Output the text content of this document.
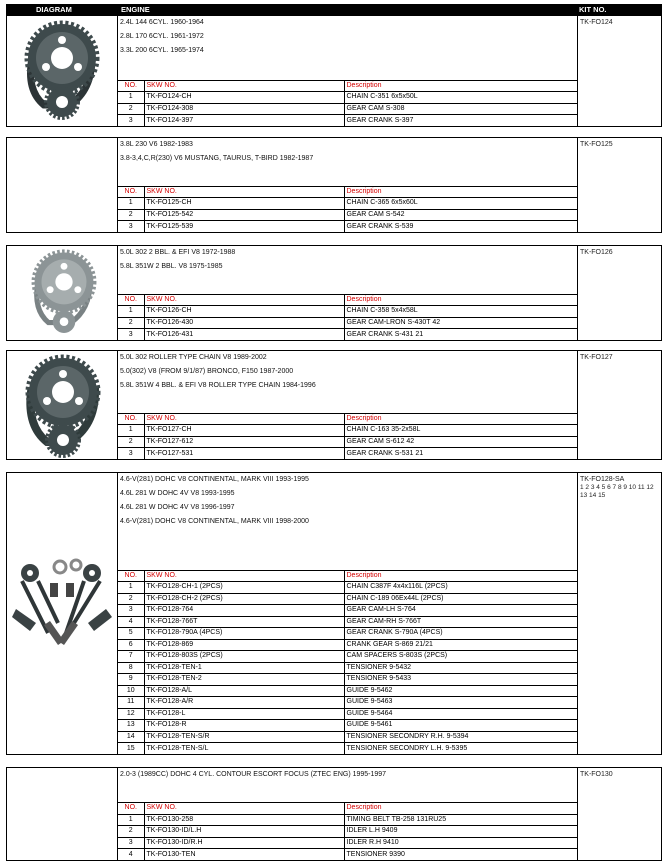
DIAGRAM	ENGINE	KIT NO.
2.4L 144 6CYL. 1960-1964
2.8L 170 6CYL. 1961-1972
3.3L 200 6CYL. 1965-1974
NO.	SKW NO.	Description
1	TK-FO124-CH	CHAIN C-351 6x5x50L
2	TK-FO124-308	GEAR CAM S-308
3	TK-FO124-397	GEAR CRANK S-397
TK-FO124
3.8L 230 V6 1982-1983
3.8-3,4,C,R(230) V6 MUSTANG, TAURUS, T-BIRD 1982-1987
NO.	SKW NO.	Description
1	TK-FO125-CH	CHAIN C-365 6x5x60L
2	TK-FO125-542	GEAR CAM S-542
3	TK-FO125-539	GEAR CRANK S-539
TK-FO125
5.0L 302 2 BBL. & EFI V8 1972-1988
5.8L 351W 2 BBL. V8 1975-1985
NO.	SKW NO.	Description
1	TK-FO126-CH	CHAIN C-358 5x4x58L
2	TK-FO126-430	GEAR CAM-LRON S-430T 42
3	TK-FO126-431	GEAR CRANK S-431 21
TK-FO126
5.0L 302 ROLLER TYPE CHAIN V8 1989-2002
5.0(302) V8 (FROM 9/1/87) BRONCO, F150 1987-2000
5.8L 351W 4 BBL. & EFI V8 ROLLER TYPE CHAIN 1984-1996
NO.	SKW NO.	Description
1	TK-FO127-CH	CHAIN C-163 35-2x58L
2	TK-FO127-612	GEAR CAM S-612 42
3	TK-FO127-531	GEAR CRANK S-531 21
TK-FO127
4.6-V(281) DOHC V8 CONTINENTAL, MARK VIII 1993-1995
4.6L 281 W DOHC 4V V8 1993-1995
4.6L 281 W DOHC 4V V8 1996-1997
4.6-V(281) DOHC V8 CONTINENTAL, MARK VIII 1998-2000
NO.	SKW NO.	Description
1	TK-FO128-CH-1 (2PCS)	CHAIN C387F 4x4x116L (2PCS)
2	TK-FO128-CH-2 (2PCS)	CHAIN C-189 06Ex44L (2PCS)
3	TK-FO128-764	GEAR CAM-LH S-764
4	TK-FO128-766T	GEAR CAM-RH S-766T
5	TK-FO128-790A (4PCS)	GEAR CRANK S-790A (4PCS)
6	TK-FO128-869	CRANK GEAR S-869 21/21
7	TK-FO128-803S (2PCS)	CAM SPACERS S-803S (2PCS)
8	TK-FO128-TEN-1	TENSIONER 9-5432
9	TK-FO128-TEN-2	TENSIONER 9-5433
10	TK-FO128-A/L	GUIDE 9-5462
11	TK-FO128-A/R	GUIDE 9-5463
12	TK-FO128-L	GUIDE 9-5464
13	TK-FO128-R	GUIDE 9-5461
14	TK-FO128-TEN-S/R	TENSIONER SECONDRY R.H. 9-5394
15	TK-FO128-TEN-S/L	TENSIONER SECONDRY L.H. 9-5395
TK-FO128-SA
1 2 3 4 5 6 7 8 9 10 11 12 13 14 15
2.0-3 (1989CC) DOHC 4 CYL. CONTOUR ESCORT FOCUS (ZTEC ENG) 1995-1997
NO.	SKW NO.	Description
1	TK-FO130-258	TIMING BELT TB-258 131RU25
2	TK-FO130-ID/L.H	IDLER L.H 9409
3	TK-FO130-ID/R.H	IDLER R.H 9410
4	TK-FO130-TEN	TENSIONER 9390
TK-FO130
